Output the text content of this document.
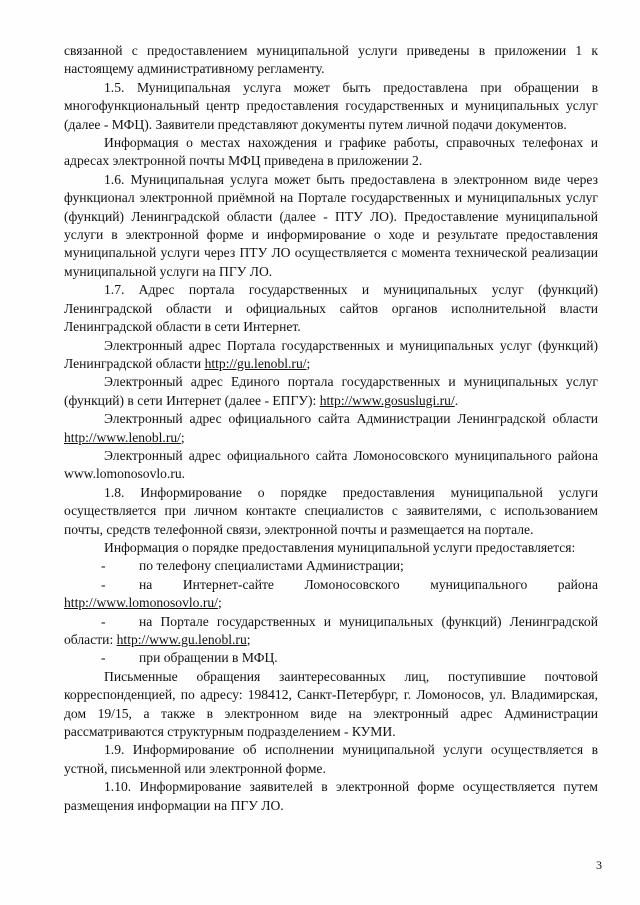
связанной с предоставлением муниципальной услуги приведены в приложении 1 к настоящему административному регламенту.

1.5. Муниципальная услуга может быть предоставлена при обращении в многофункциональный центр предоставления государственных и муниципальных услуг (далее - МФЦ). Заявители представляют документы путем личной подачи документов.

Информация о местах нахождения и графике работы, справочных телефонах и адресах электронной почты МФЦ приведена в приложении 2.

1.6. Муниципальная услуга может быть предоставлена в электронном виде через функционал электронной приёмной на Портале государственных и муниципальных услуг (функций) Ленинградской области (далее - ПТУ ЛО). Предоставление муниципальной услуги в электронной форме и информирование о ходе и результате предоставления муниципальной услуги через ПТУ ЛО осуществляется с момента технической реализации муниципальной услуги на ПГУ ЛО.

1.7. Адрес портала государственных и муниципальных услуг (функций) Ленинградской области и официальных сайтов органов исполнительной власти Ленинградской области в сети Интернет.

Электронный адрес Портала государственных и муниципальных услуг (функций) Ленинградской области http://gu.lenobl.ru/;

Электронный адрес Единого портала государственных и муниципальных услуг (функций) в сети Интернет (далее - ЕПГУ): http://www.gosuslugi.ru/.

Электронный адрес официального сайта Администрации Ленинградской области http://www.lenobl.ru/;

Электронный адрес официального сайта Ломоносовского муниципального района www.lomonosovlo.ru.

1.8. Информирование о порядке предоставления муниципальной услуги осуществляется при личном контакте специалистов с заявителями, с использованием почты, средств телефонной связи, электронной почты и размещается на портале.

Информация о порядке предоставления муниципальной услуги предоставляется:

- по телефону специалистами Администрации;

- на Интернет-сайте Ломоносовского муниципального района http://www.lomonosovlo.ru/;

- на Портале государственных и муниципальных (функций) Ленинградской области: http://www.gu.lenobl.ru;

- при обращении в МФЦ.

Письменные обращения заинтересованных лиц, поступившие почтовой корреспонденцией, по адресу: 198412, Санкт-Петербург, г. Ломоносов, ул. Владимирская, дом 19/15, а также в электронном виде на электронный адрес Администрации рассматриваются структурным подразделением - КУМИ.

1.9. Информирование об исполнении муниципальной услуги осуществляется в устной, письменной или электронной форме.

1.10. Информирование заявителей в электронной форме осуществляется путем размещения информации на ПГУ ЛО.

3
